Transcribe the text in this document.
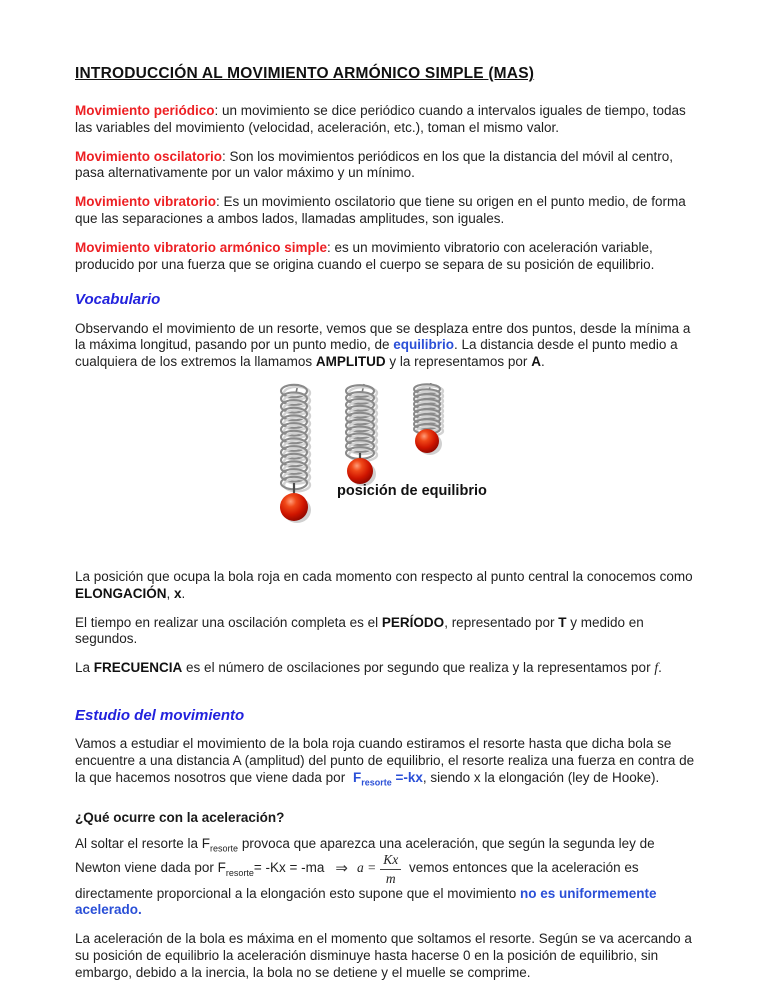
INTRODUCCIÓN AL MOVIMIENTO ARMÓNICO SIMPLE (MAS)

Movimiento periódico: un movimiento se dice periódico cuando a intervalos iguales de tiempo, todas las variables del movimiento (velocidad, aceleración, etc.), toman el mismo valor.

Movimiento oscilatorio: Son los movimientos periódicos en los que la distancia del móvil al centro, pasa alternativamente por un valor máximo y un mínimo.

Movimiento vibratorio: Es un movimiento oscilatorio que tiene su origen en el punto medio, de forma que las separaciones a ambos lados, llamadas amplitudes, son iguales.

Movimiento vibratorio armónico simple: es un movimiento vibratorio con aceleración variable, producido por una fuerza que se origina cuando el cuerpo se separa de su posición de equilibrio.

Vocabulario

Observando el movimiento de un resorte, vemos que se desplaza entre dos puntos, desde la mínima a la máxima longitud, pasando por un punto medio, de equilibrio. La distancia desde el punto medio a cualquiera de los extremos la llamamos AMPLITUD y la representamos por A.

posición de equilibrio

La posición que ocupa la bola roja en cada momento con respecto al punto central la conocemos como ELONGACIÓN, x.

El tiempo en realizar una oscilación completa es el PERÍODO, representado por T y medido en segundos.

La FRECUENCIA es el número de oscilaciones por segundo que realiza y la representamos por f.

Estudio del movimiento

Vamos a estudiar el movimiento de la bola roja cuando estiramos el resorte hasta que dicha bola se encuentre a una distancia A (amplitud) del punto de equilibrio, el resorte realiza una fuerza en contra de la que hacemos nosotros que viene dada por $F_{resorte} =-kx$, siendo x la elongación (ley de Hooke).

¿Qué ocurre con la aceleración?

Al soltar el resorte la $F_{resorte}$ provoca que aparezca una aceleración, que según la segunda ley de Newton viene dada por $F_{resorte}= -Kx = -ma$ ⇒ $a = \frac{Kx}{m}$ vemos entonces que la aceleración es directamente proporcional a la elongación esto supone que el movimiento no es uniformemente acelerado.

La aceleración de la bola es máxima en el momento que soltamos el resorte. Según se va acercando a su posición de equilibrio la aceleración disminuye hasta hacerse 0 en la posición de equilibrio, sin embargo, debido a la inercia, la bola no se detiene y el muelle se comprime.
